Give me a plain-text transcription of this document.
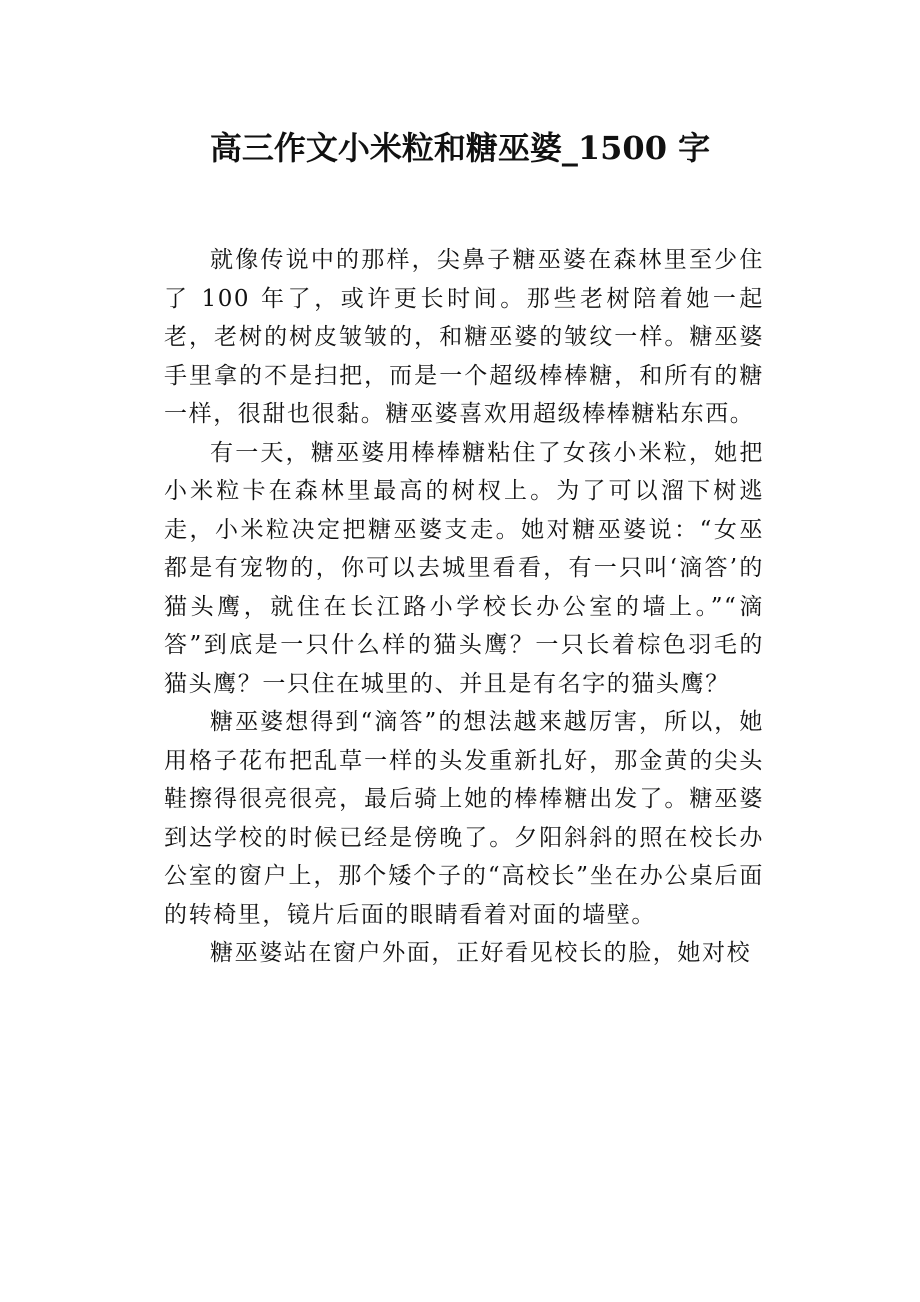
高三作文小米粒和糖巫婆_1500 字

就像传说中的那样，尖鼻子糖巫婆在森林里至少住了 100 年了，或许更长时间。那些老树陪着她一起老，老树的树皮皱皱的，和糖巫婆的皱纹一样。糖巫婆手里拿的不是扫把，而是一个超级棒棒糖，和所有的糖一样，很甜也很黏。糖巫婆喜欢用超级棒棒糖粘东西。

有一天，糖巫婆用棒棒糖粘住了女孩小米粒，她把小米粒卡在森林里最高的树杈上。为了可以溜下树逃走，小米粒决定把糖巫婆支走。她对糖巫婆说：“女巫都是有宠物的，你可以去城里看看，有一只叫‘滴答’的猫头鹰，就住在长江路小学校长办公室的墙上。”“滴答”到底是一只什么样的猫头鹰？一只长着棕色羽毛的猫头鹰？一只住在城里的、并且是有名字的猫头鹰？

糖巫婆想得到“滴答”的想法越来越厉害，所以，她用格子花布把乱草一样的头发重新扎好，那金黄的尖头鞋擦得很亮很亮，最后骑上她的棒棒糖出发了。糖巫婆到达学校的时候已经是傍晚了。夕阳斜斜的照在校长办公室的窗户上，那个矮个子的“高校长”坐在办公桌后面的转椅里，镜片后面的眼睛看着对面的墙壁。

糖巫婆站在窗户外面，正好看见校长的脸，她对校
